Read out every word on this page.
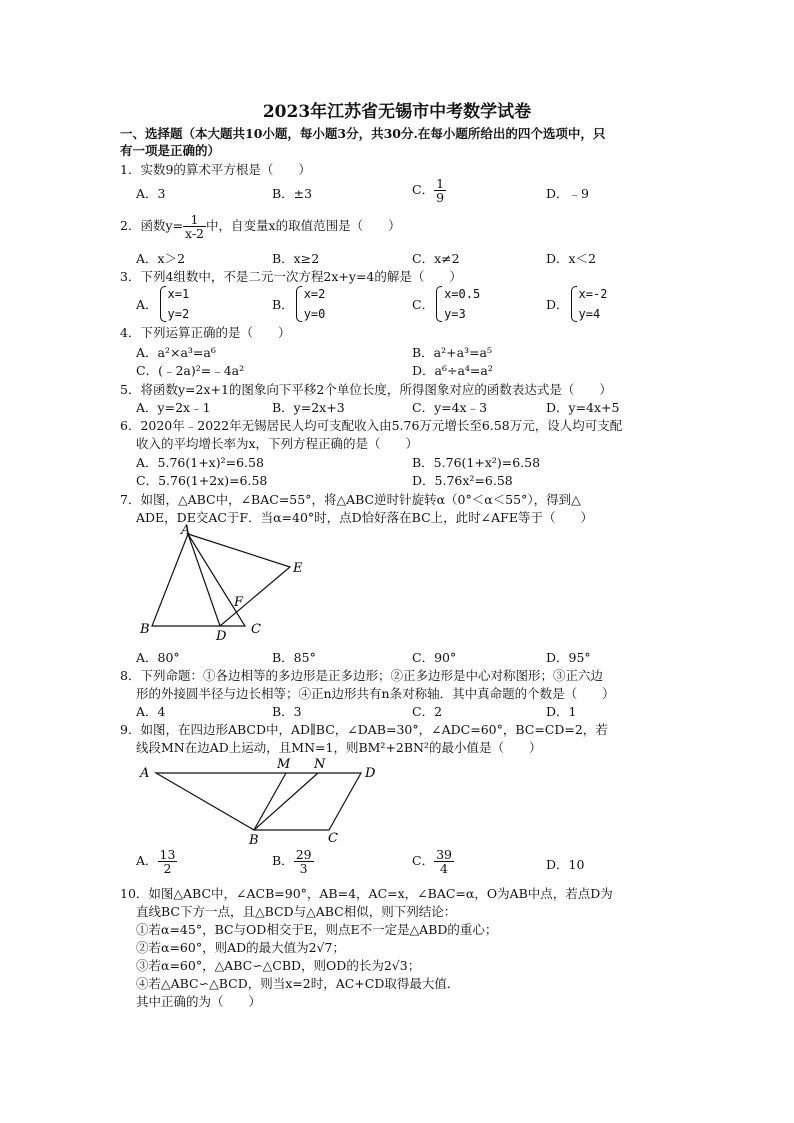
2023年江苏省无锡市中考数学试卷
一、选择题（本大题共10小题，每小题3分，共30分.在每小题所给出的四个选项中，只
有一项是正确的）
1．实数9的算术平方根是（　　）
A．3	B．±3	C． $\frac{1}{9}$	D．﹣9
2．函数$y= \frac{1}{x-2}$ 中，自变量x的取值范围是（　　）
A．x＞2	B．x≥2	C．x≠2	D．x＜2
3．下列4组数中，不是二元一次方程2x+y=4的解是（　　）
A．
x=1
y=2
B．
x=2
y=0
C．
x=0.5
y=3
D．
x=-2
y=4
4．下列运算正确的是（　　）
A．a²×a³=a⁶	B．a²+a³=a⁵
C．(﹣2a)²=﹣4a²	D．a⁶÷a⁴=a²
5．将函数y=2x+1的图象向下平移2个单位长度，所得图象对应的函数表达式是（　　）
A．y=2x﹣1	B．y=2x+3	C．y=4x﹣3	D．y=4x+5
6．2020年﹣2022年无锡居民人均可支配收入由5.76万元增长至6.58万元，设人均可支配
收入的平均增长率为x，下列方程正确的是（　　）
A．5.76(1+x)²=6.58	B．5.76(1+x²)=6.58
C．5.76(1+2x)=6.58	D．5.76x²=6.58
7．如图，△ABC中，∠BAC=55°，将△ABC逆时针旋转α（0°＜α＜55°），得到△
ADE，DE交AC于F．当α=40°时，点D恰好落在BC上，此时∠AFE等于（　　）
A
B	C
D
E
F
A．80°	B．85°	C．90°	D．95°
8．下列命题：①各边相等的多边形是正多边形；②正多边形是中心对称图形；③正六边
形的外接圆半径与边长相等；④正n边形共有n条对称轴．其中真命题的个数是（　　）
A．4	B．3	C．2	D．1
9．如图，在四边形ABCD中，AD∥BC，∠DAB=30°，∠ADC=60°，BC=CD=2，若
线段MN在边AD上运动，且MN=1，则BM²+2BN²的最小值是（　　）
A
M N
D
B	C
A． $\frac{13}{2}$	B． $\frac{29}{3}$	C． $\frac{39}{4}$	D．10
10．如图△ABC中，∠ACB=90°，AB=4，AC=x，∠BAC=α，O为AB中点，若点D为
直线BC下方一点，且△BCD与△ABC相似，则下列结论：
①若α=45°，BC与OD相交于E，则点E不一定是△ABD的重心；
②若α=60°，则AD的最大值为2√7；
③若α=60°，△ABC∽△CBD，则OD的长为2√3；
④若△ABC∽△BCD，则当x=2时，AC+CD取得最大值．
其中正确的为（　　）
